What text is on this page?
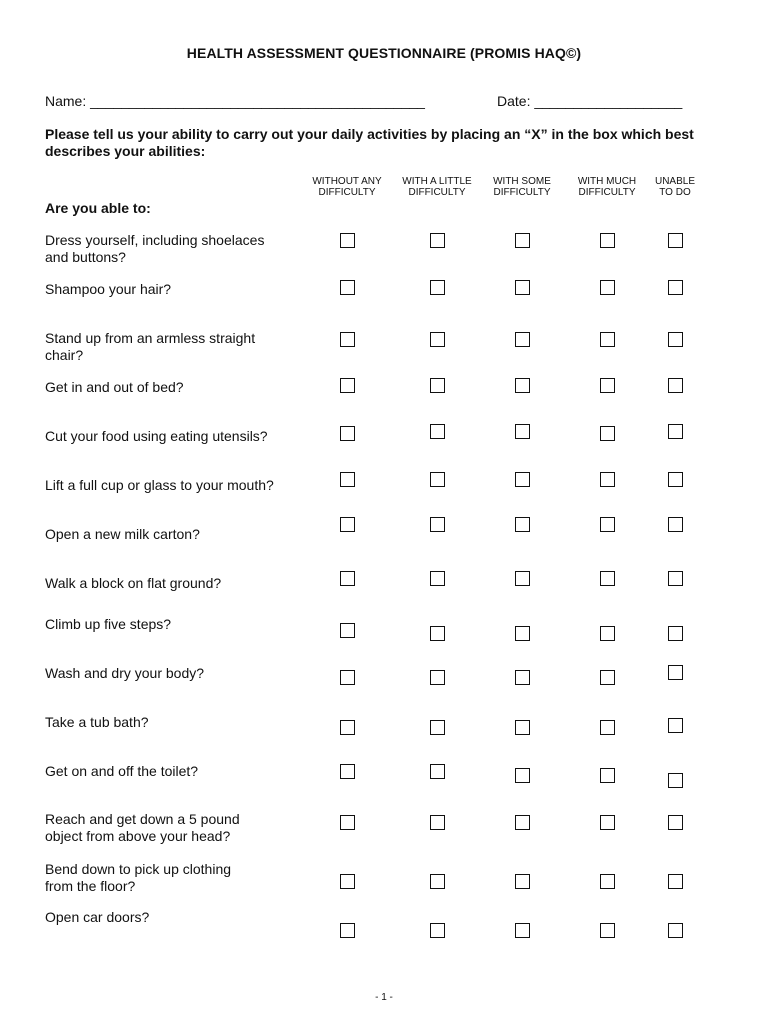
HEALTH ASSESSMENT QUESTIONNAIRE (PROMIS HAQ©)
Name: ___________________________________________	Date: ___________________
Please tell us your ability to carry out your daily activities by placing an “X” in the box which best describes your abilities:
WITHOUT ANY
DIFFICULTY
WITH A LITTLE
DIFFICULTY
WITH SOME
DIFFICULTY
WITH MUCH
DIFFICULTY
UNABLE
TO DO
Are you able to:
Dress yourself, including shoelaces
and buttons?
Shampoo your hair?
Stand up from an armless straight chair?
Get in and out of bed?
Cut your food using eating utensils?
Lift a full cup or glass to your mouth?
Open a new milk carton?
Walk a block on flat ground?
Climb up five steps?
Wash and dry your body?
Take a tub bath?
Get on and off the toilet?
Reach and get down a 5 pound
object from above your head?
Bend down to pick up clothing
from the floor?
Open car doors?
- 1 -
